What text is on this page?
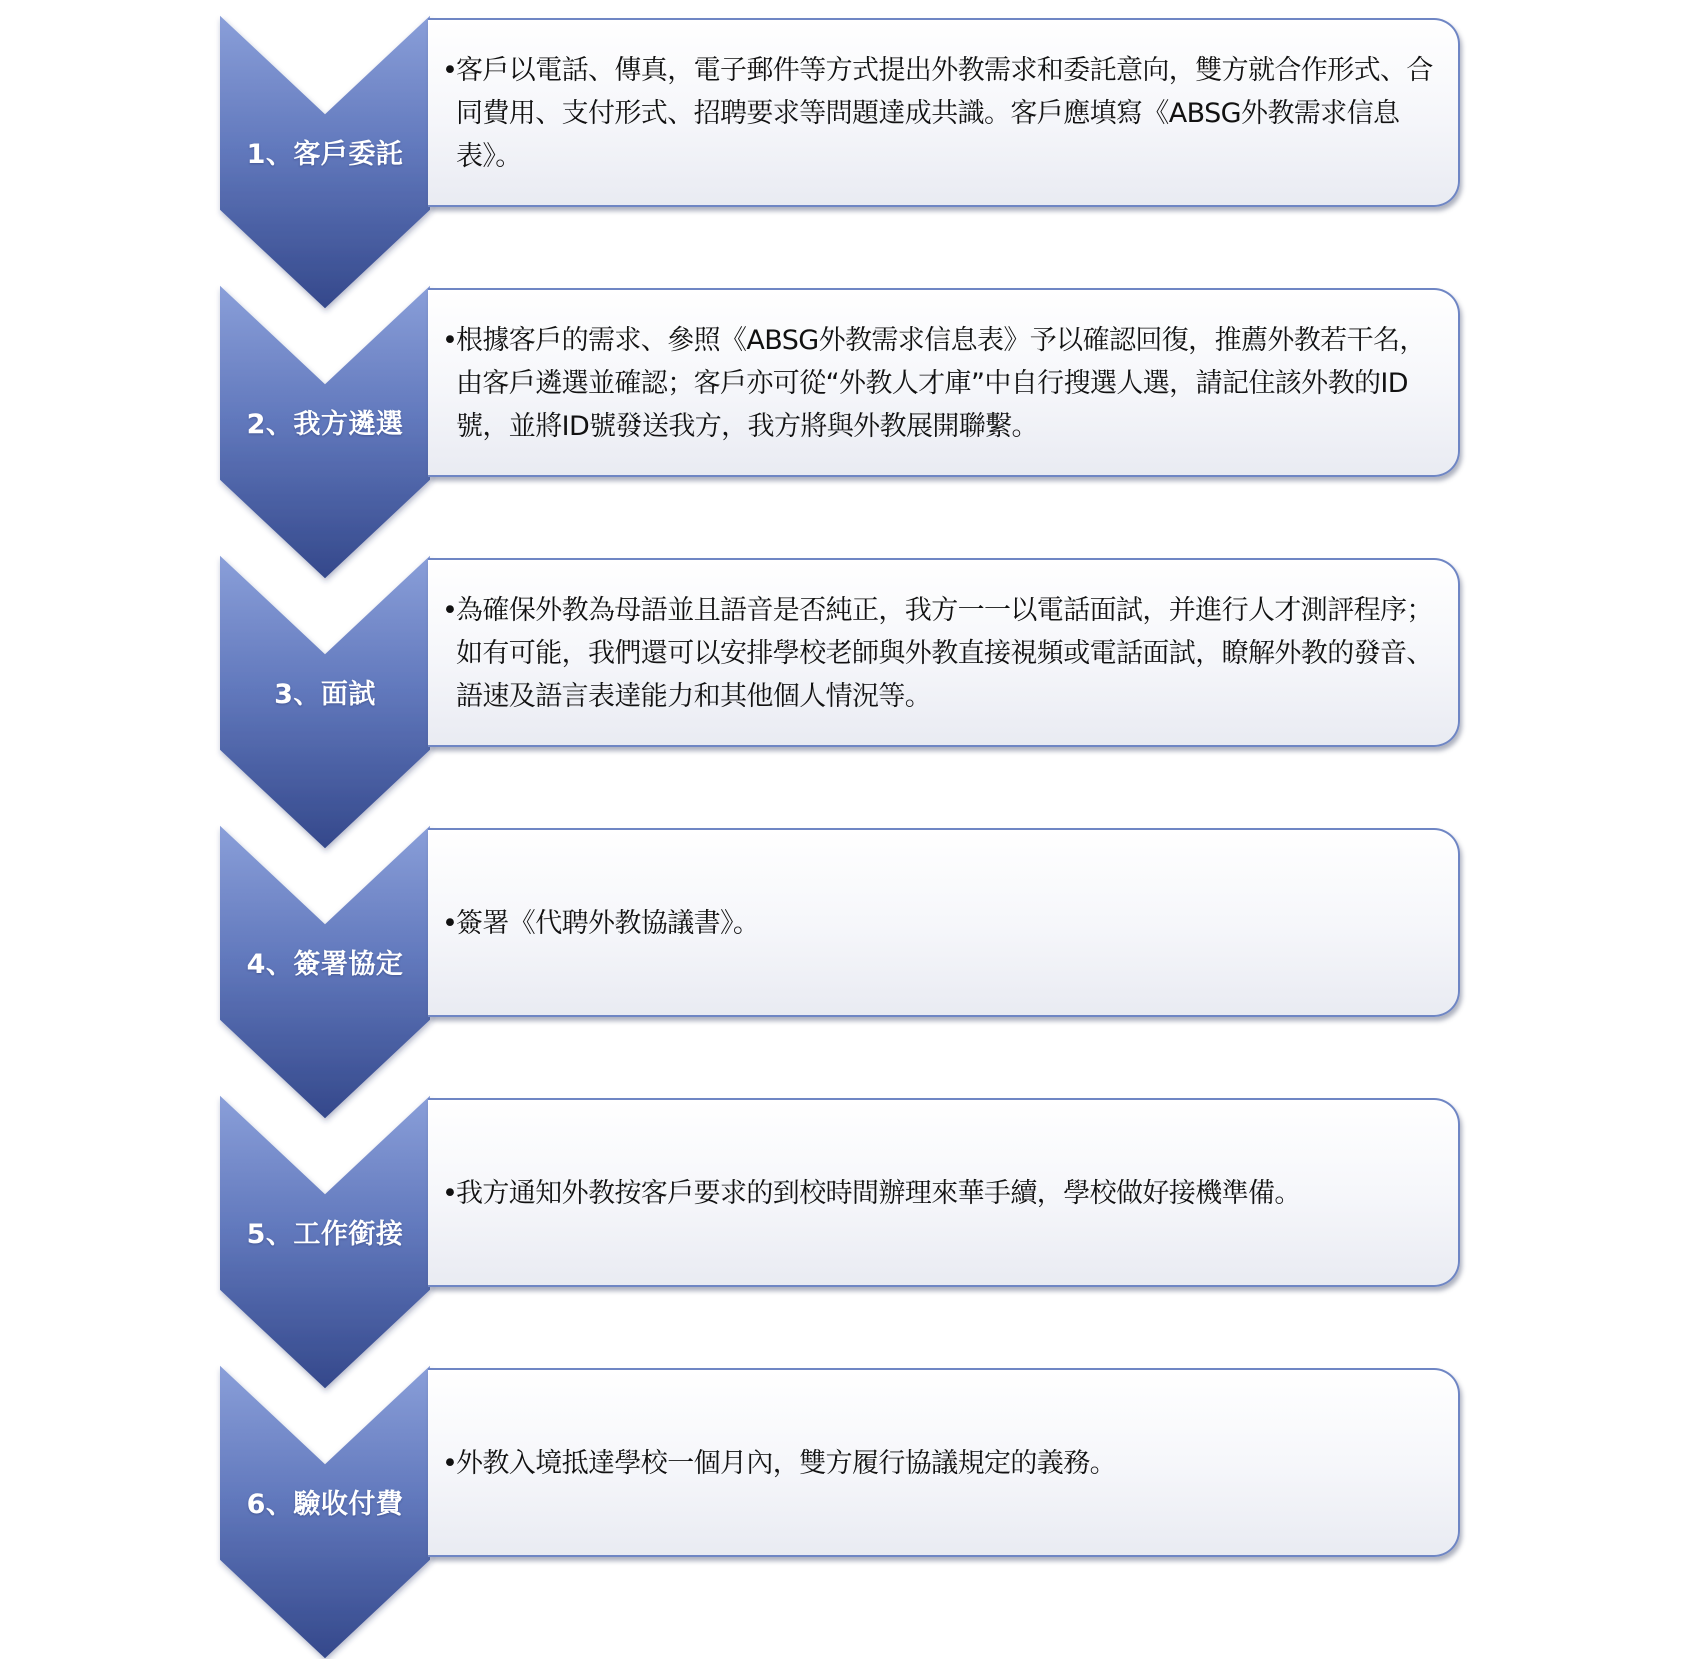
1、客戶委託
•客戶以電話、傳真，電子郵件等方式提出外教需求和委託意向，雙方就合作形式、合同費用、支付形式、招聘要求等問題達成共識。客戶應填寫《ABSG外教需求信息表》。
2、我方遴選
•根據客戶的需求、參照《ABSG外教需求信息表》予以確認回復，推薦外教若干名，由客戶遴選並確認；客戶亦可從“外教人才庫”中自行搜選人選，請記住該外教的ID號，並將ID號發送我方，我方將與外教展開聯繫。
3、面試
•為確保外教為母語並且語音是否純正，我方一一以電話面試，并進行人才測評程序；如有可能，我們還可以安排學校老師與外教直接視頻或電話面試，瞭解外教的發音、語速及語言表達能力和其他個人情況等。
4、簽署協定
•簽署《代聘外教協議書》。
5、工作銜接
•我方通知外教按客戶要求的到校時間辦理來華手續，學校做好接機準備。
6、驗收付費
•外教入境抵達學校一個月內，雙方履行協議規定的義務。
